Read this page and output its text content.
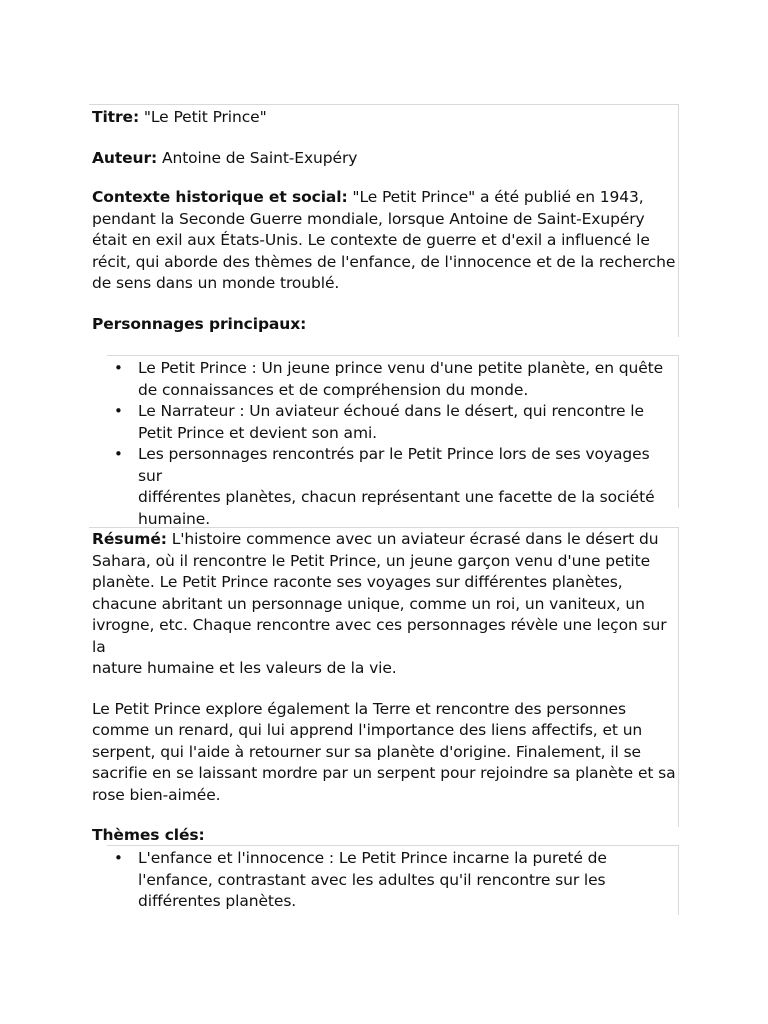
Titre: "Le Petit Prince"

Auteur: Antoine de Saint-Exupéry

Contexte historique et social: "Le Petit Prince" a été publié en 1943,
pendant la Seconde Guerre mondiale, lorsque Antoine de Saint-Exupéry
était en exil aux États-Unis. Le contexte de guerre et d'exil a influencé le
récit, qui aborde des thèmes de l'enfance, de l'innocence et de la recherche
de sens dans un monde troublé.

Personnages principaux:

• Le Petit Prince : Un jeune prince venu d'une petite planète, en quête
de connaissances et de compréhension du monde.
• Le Narrateur : Un aviateur échoué dans le désert, qui rencontre le
Petit Prince et devient son ami.
• Les personnages rencontrés par le Petit Prince lors de ses voyages sur
différentes planètes, chacun représentant une facette de la société
humaine.

Résumé: L'histoire commence avec un aviateur écrasé dans le désert du
Sahara, où il rencontre le Petit Prince, un jeune garçon venu d'une petite
planète. Le Petit Prince raconte ses voyages sur différentes planètes,
chacune abritant un personnage unique, comme un roi, un vaniteux, un
ivrogne, etc. Chaque rencontre avec ces personnages révèle une leçon sur la
nature humaine et les valeurs de la vie.

Le Petit Prince explore également la Terre et rencontre des personnes
comme un renard, qui lui apprend l'importance des liens affectifs, et un
serpent, qui l'aide à retourner sur sa planète d'origine. Finalement, il se
sacrifie en se laissant mordre par un serpent pour rejoindre sa planète et sa
rose bien-aimée.

Thèmes clés:

• L'enfance et l'innocence : Le Petit Prince incarne la pureté de
l'enfance, contrastant avec les adultes qu'il rencontre sur les
différentes planètes.
